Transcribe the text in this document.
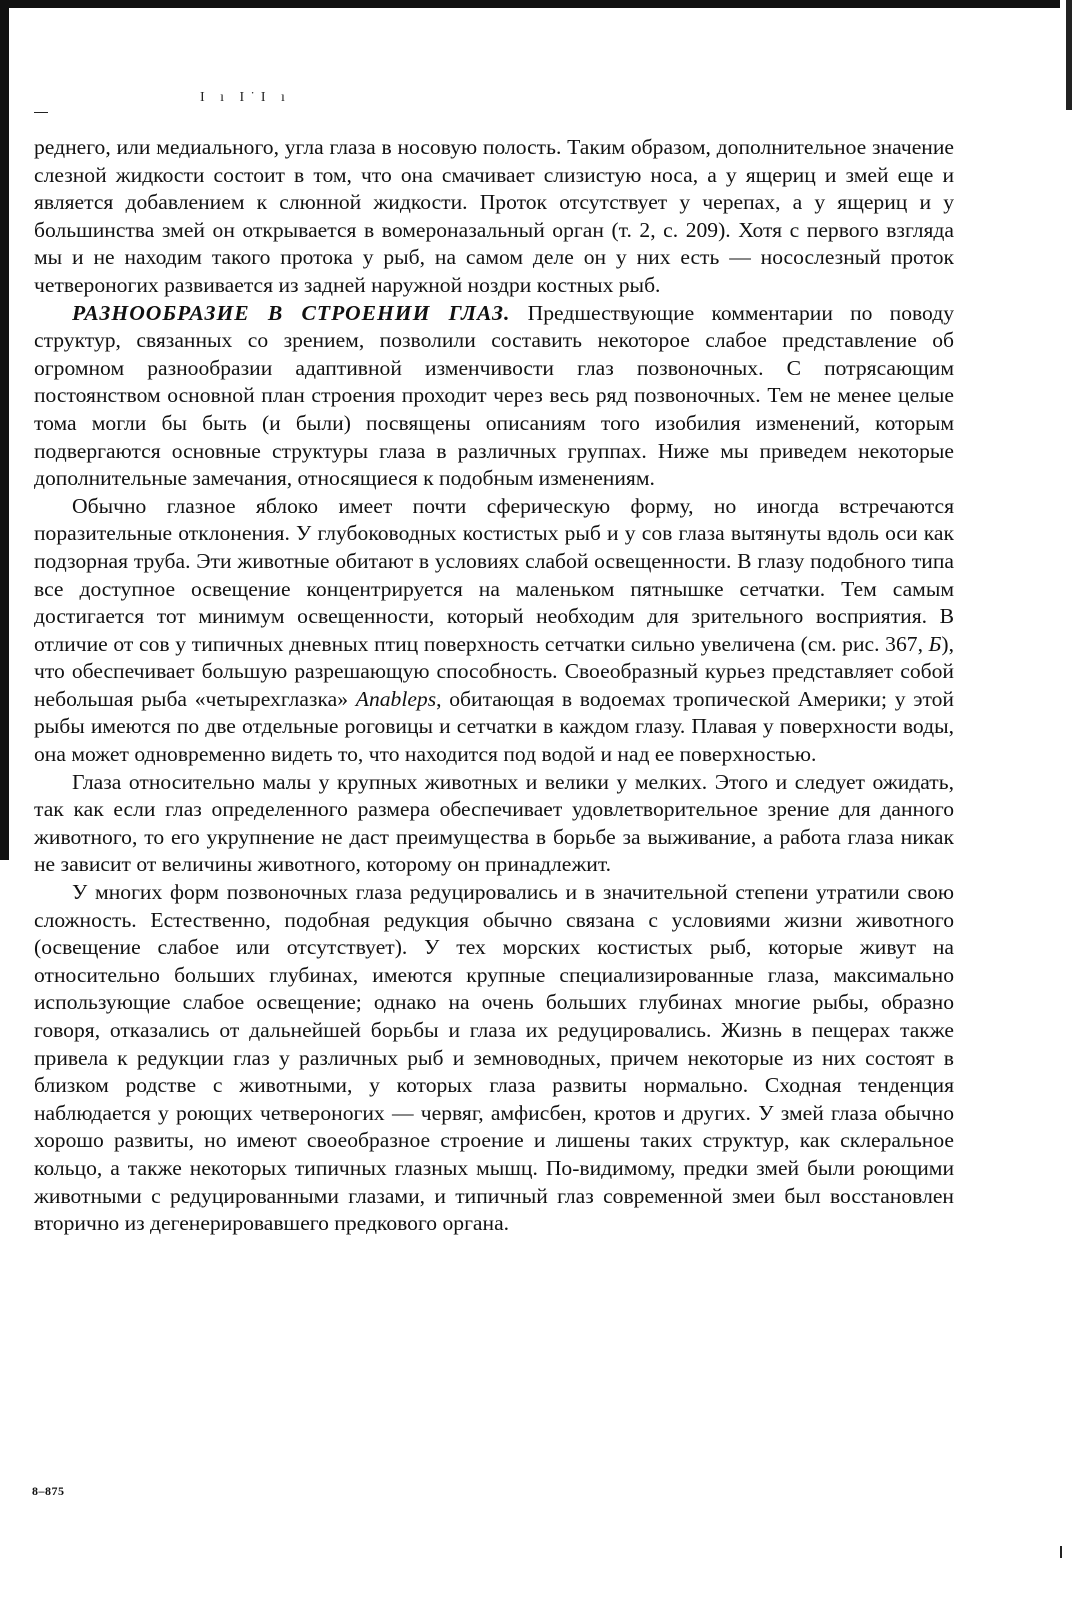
I ı I˙I ı

реднего, или медиального, угла глаза в носовую полость. Таким образом, дополнительное значение слезной жидкости состоит в том, что она смачивает слизистую носа, а у ящериц и змей еще и является добавлением к слюнной жидкости. Проток отсутствует у черепах, а у ящериц и у большинства змей он открывается в вомероназальный орган (т. 2, с. 209). Хотя с первого взгляда мы и не находим такого протока у рыб, на самом деле он у них есть — носослезный проток четвероногих развивается из задней наружной ноздри костных рыб.

РАЗНООБРАЗИЕ В СТРОЕНИИ ГЛАЗ. Предшествующие комментарии по поводу структур, связанных со зрением, позволили составить некоторое слабое представление об огромном разнообразии адаптивной изменчивости глаз позвоночных. С потрясающим постоянством основной план строения проходит через весь ряд позвоночных. Тем не менее целые тома могли бы быть (и были) посвящены описаниям того изобилия изменений, которым подвергаются основные структуры глаза в различных группах. Ниже мы приведем некоторые дополнительные замечания, относящиеся к подобным изменениям.

Обычно глазное яблоко имеет почти сферическую форму, но иногда встречаются поразительные отклонения. У глубоководных костистых рыб и у сов глаза вытянуты вдоль оси как подзорная труба. Эти животные обитают в условиях слабой освещенности. В глазу подобного типа все доступное освещение концентрируется на маленьком пятнышке сетчатки. Тем самым достигается тот минимум освещенности, который необходим для зрительного восприятия. В отличие от сов у типичных дневных птиц поверхность сетчатки сильно увеличена (см. рис. 367, Б), что обеспечивает большую разрешающую способность. Своеобразный курьез представляет собой небольшая рыба «четырехглазка» Anableps, обитающая в водоемах тропической Америки; у этой рыбы имеются по две отдельные роговицы и сетчатки в каждом глазу. Плавая у поверхности воды, она может одновременно видеть то, что находится под водой и над ее поверхностью.

Глаза относительно малы у крупных животных и велики у мелких. Этого и следует ожидать, так как если глаз определенного размера обеспечивает удовлетворительное зрение для данного животного, то его укрупнение не даст преимущества в борьбе за выживание, а работа глаза никак не зависит от величины животного, которому он принадлежит.

У многих форм позвоночных глаза редуцировались и в значительной степени утратили свою сложность. Естественно, подобная редукция обычно связана с условиями жизни животного (освещение слабое или отсутствует). У тех морских костистых рыб, которые живут на относительно больших глубинах, имеются крупные специализированные глаза, максимально использующие слабое освещение; однако на очень больших глубинах многие рыбы, образно говоря, отказались от дальнейшей борьбы и глаза их редуцировались. Жизнь в пещерах также привела к редукции глаз у различных рыб и земноводных, причем некоторые из них состоят в близком родстве с животными, у которых глаза развиты нормально. Сходная тенденция наблюдается у роющих четвероногих — червяг, амфисбен, кротов и других. У змей глаза обычно хорошо развиты, но имеют своеобразное строение и лишены таких структур, как склеральное кольцо, а также некоторых типичных глазных мышц. По-видимому, предки змей были роющими животными с редуцированными глазами, и типичный глаз современной змеи был восстановлен вторично из дегенерировавшего предкового органа.

8–875
